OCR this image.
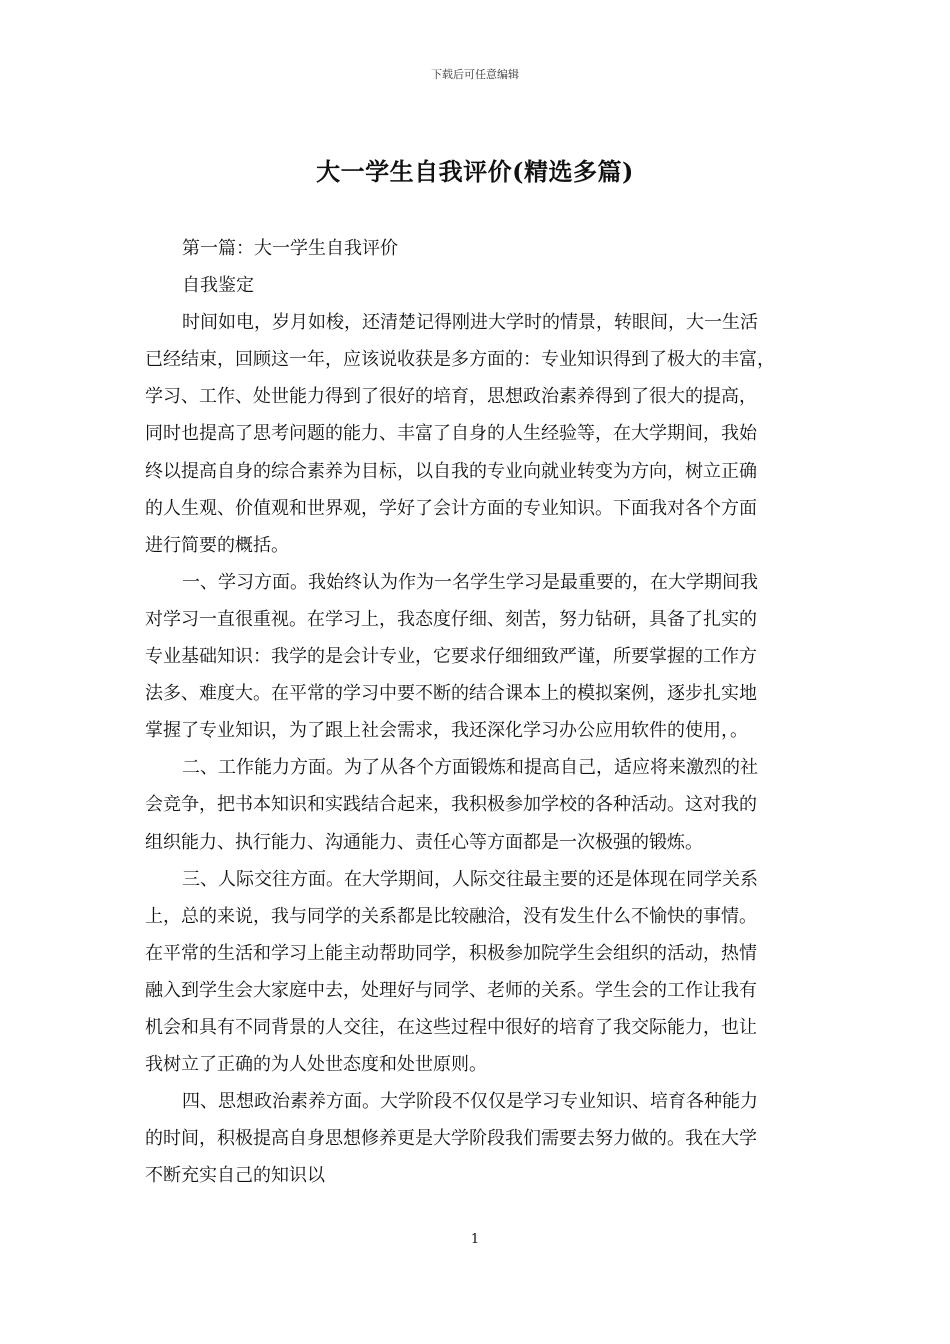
下载后可任意编辑
大一学生自我评价(精选多篇)

第一篇：大一学生自我评价

自我鉴定

时间如电，岁月如梭，还清楚记得刚进大学时的情景，转眼间，大一生活
已经结束，回顾这一年，应该说收获是多方面的：专业知识得到了极大的丰富，
学习、工作、处世能力得到了很好的培育，思想政治素养得到了很大的提高，
同时也提高了思考问题的能力、丰富了自身的人生经验等，在大学期间，我始
终以提高自身的综合素养为目标，以自我的专业向就业转变为方向，树立正确
的人生观、价值观和世界观，学好了会计方面的专业知识。下面我对各个方面
进行简要的概括。

一、学习方面。我始终认为作为一名学生学习是最重要的，在大学期间我
对学习一直很重视。在学习上，我态度仔细、刻苦，努力钻研，具备了扎实的
专业基础知识：我学的是会计专业，它要求仔细细致严谨，所要掌握的工作方
法多、难度大。在平常的学习中要不断的结合课本上的模拟案例，逐步扎实地
掌握了专业知识，为了跟上社会需求，我还深化学习办公应用软件的使用，。

二、工作能力方面。为了从各个方面锻炼和提高自己，适应将来激烈的社
会竞争，把书本知识和实践结合起来，我积极参加学校的各种活动。这对我的
组织能力、执行能力、沟通能力、责任心等方面都是一次极强的锻炼。

三、人际交往方面。在大学期间，人际交往最主要的还是体现在同学关系
上，总的来说，我与同学的关系都是比较融洽，没有发生什么不愉快的事情。
在平常的生活和学习上能主动帮助同学，积极参加院学生会组织的活动，热情
融入到学生会大家庭中去，处理好与同学、老师的关系。学生会的工作让我有
机会和具有不同背景的人交往，在这些过程中很好的培育了我交际能力，也让
我树立了正确的为人处世态度和处世原则。

四、思想政治素养方面。大学阶段不仅仅是学习专业知识、培育各种能力
的时间，积极提高自身思想修养更是大学阶段我们需要去努力做的。我在大学
不断充实自己的知识以

1
